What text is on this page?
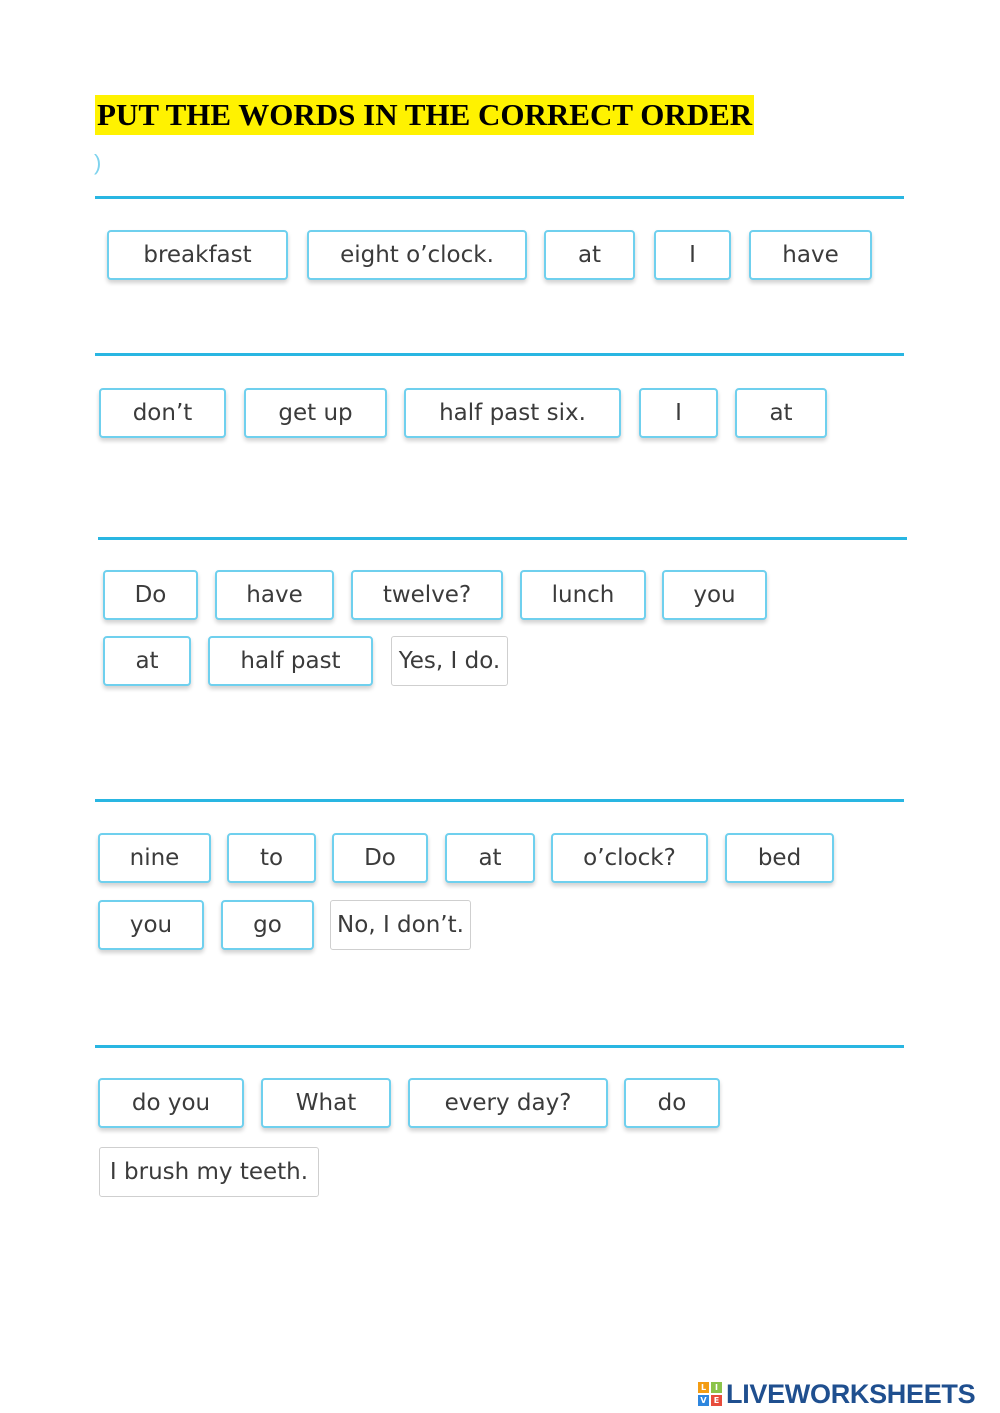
PUT THE WORDS IN THE CORRECT ORDER
)
breakfast	eight o’clock.	at	I	have
don’t	get up	half past six.	I	at
Do	have	twelve?	lunch	you
at	half past	Yes, I do.
nine	to	Do	at	o’clock?	bed
you	go	No, I don’t.
do you	What	every day?	do
I brush my teeth.
L	I
V E LIVEWORKSHEETS
